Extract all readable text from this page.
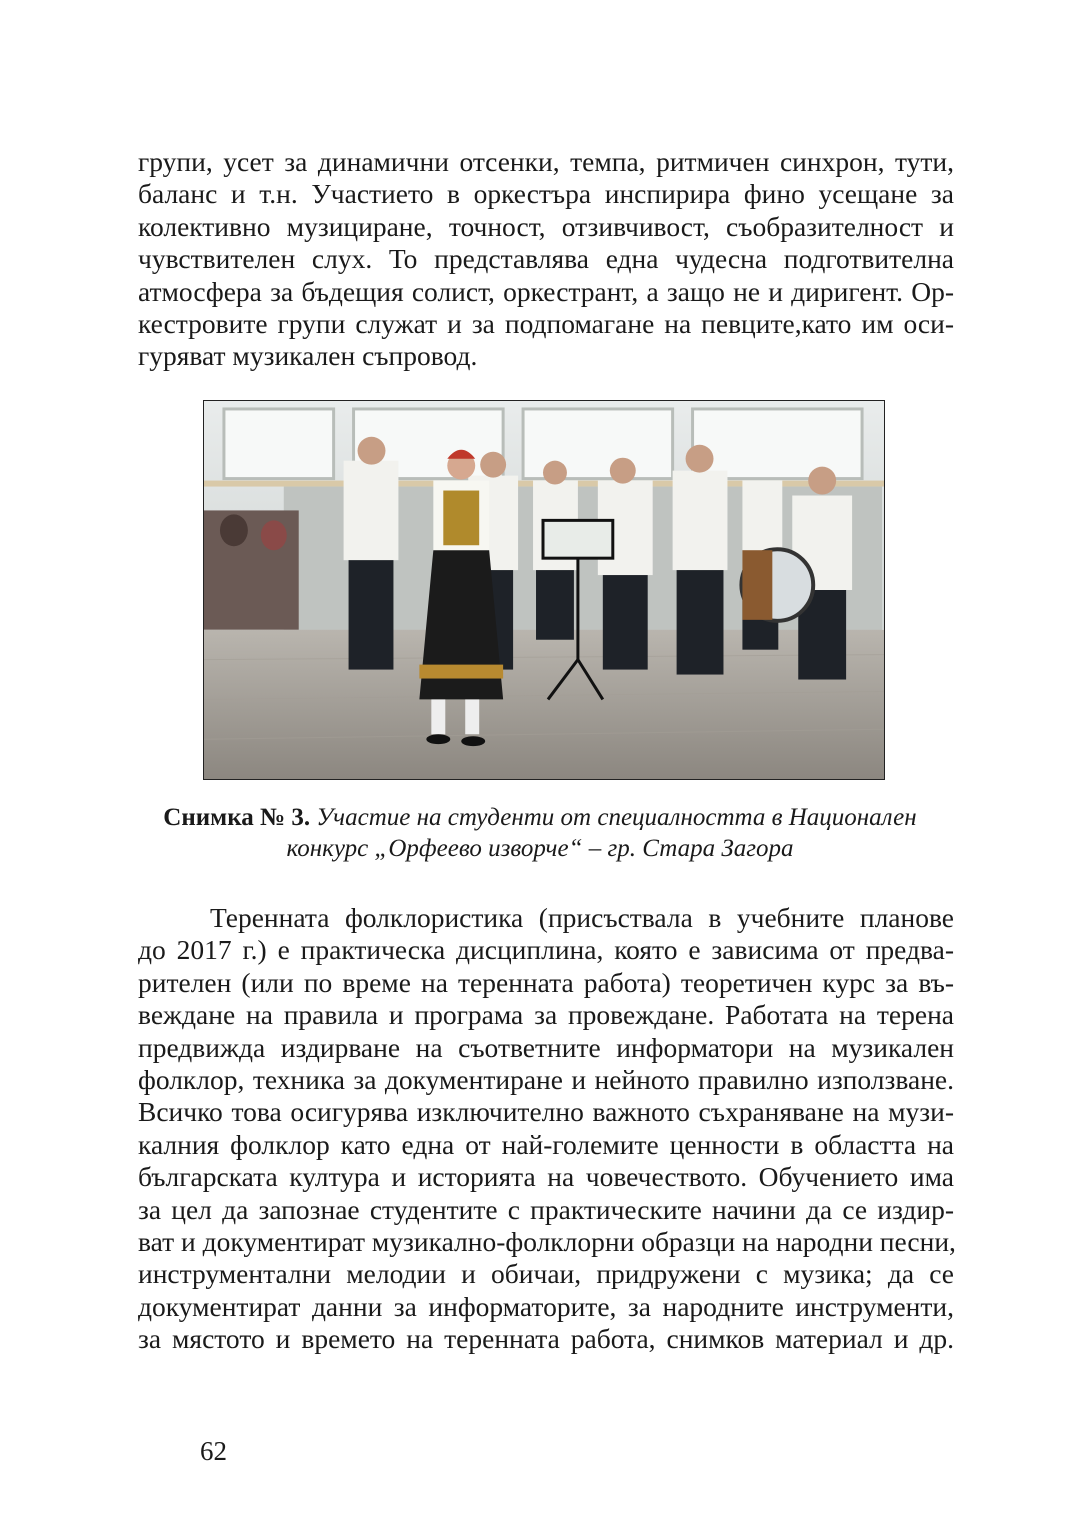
групи, усет за динамични отсенки, темпа, ритмичен синхрон, тути,
баланс и т.н. Участието в оркестъра инспирира фино усещане за
колективно музициране, точност, отзивчивост, съобразителност и
чувствителен слух. То представлява една чудесна подготвителна
атмосфера за бъдещия солист, оркестрант, а защо не и диригент. Ор-
кестровите групи служат и за подпомагане на певците,като им оси-
гуряват музикален съпровод.

Снимка № 3. Участие на студенти от специалността в Национален
конкурс „Орфеево изворче“ – гр. Стара Загора

Теренната фолклористика (присъствала в учебните планове
до 2017 г.) е практическа дисциплина, която е зависима от предва-
рителен (или по време на теренната работа) теоретичен курс за въ-
веждане на правила и програма за провеждане. Работата на терена
предвижда издирване на съответните информатори на музикален
фолклор, техника за документиране и нейното правилно използване.
Всичко това осигурява изключително важното съхраняване на музи-
калния фолклор като една от най-големите ценности в областта на
българската култура и историята на човечеството. Обучението има
за цел да запознае студентите с практическите начини да се издир-
ват и документират музикално-фолклорни образци на народни песни,
инструментални мелодии и обичаи, придружени с музика; да се
документират данни за информаторите, за народните инструменти,
за мястото и времето на теренната работа, снимков материал и др.

62
